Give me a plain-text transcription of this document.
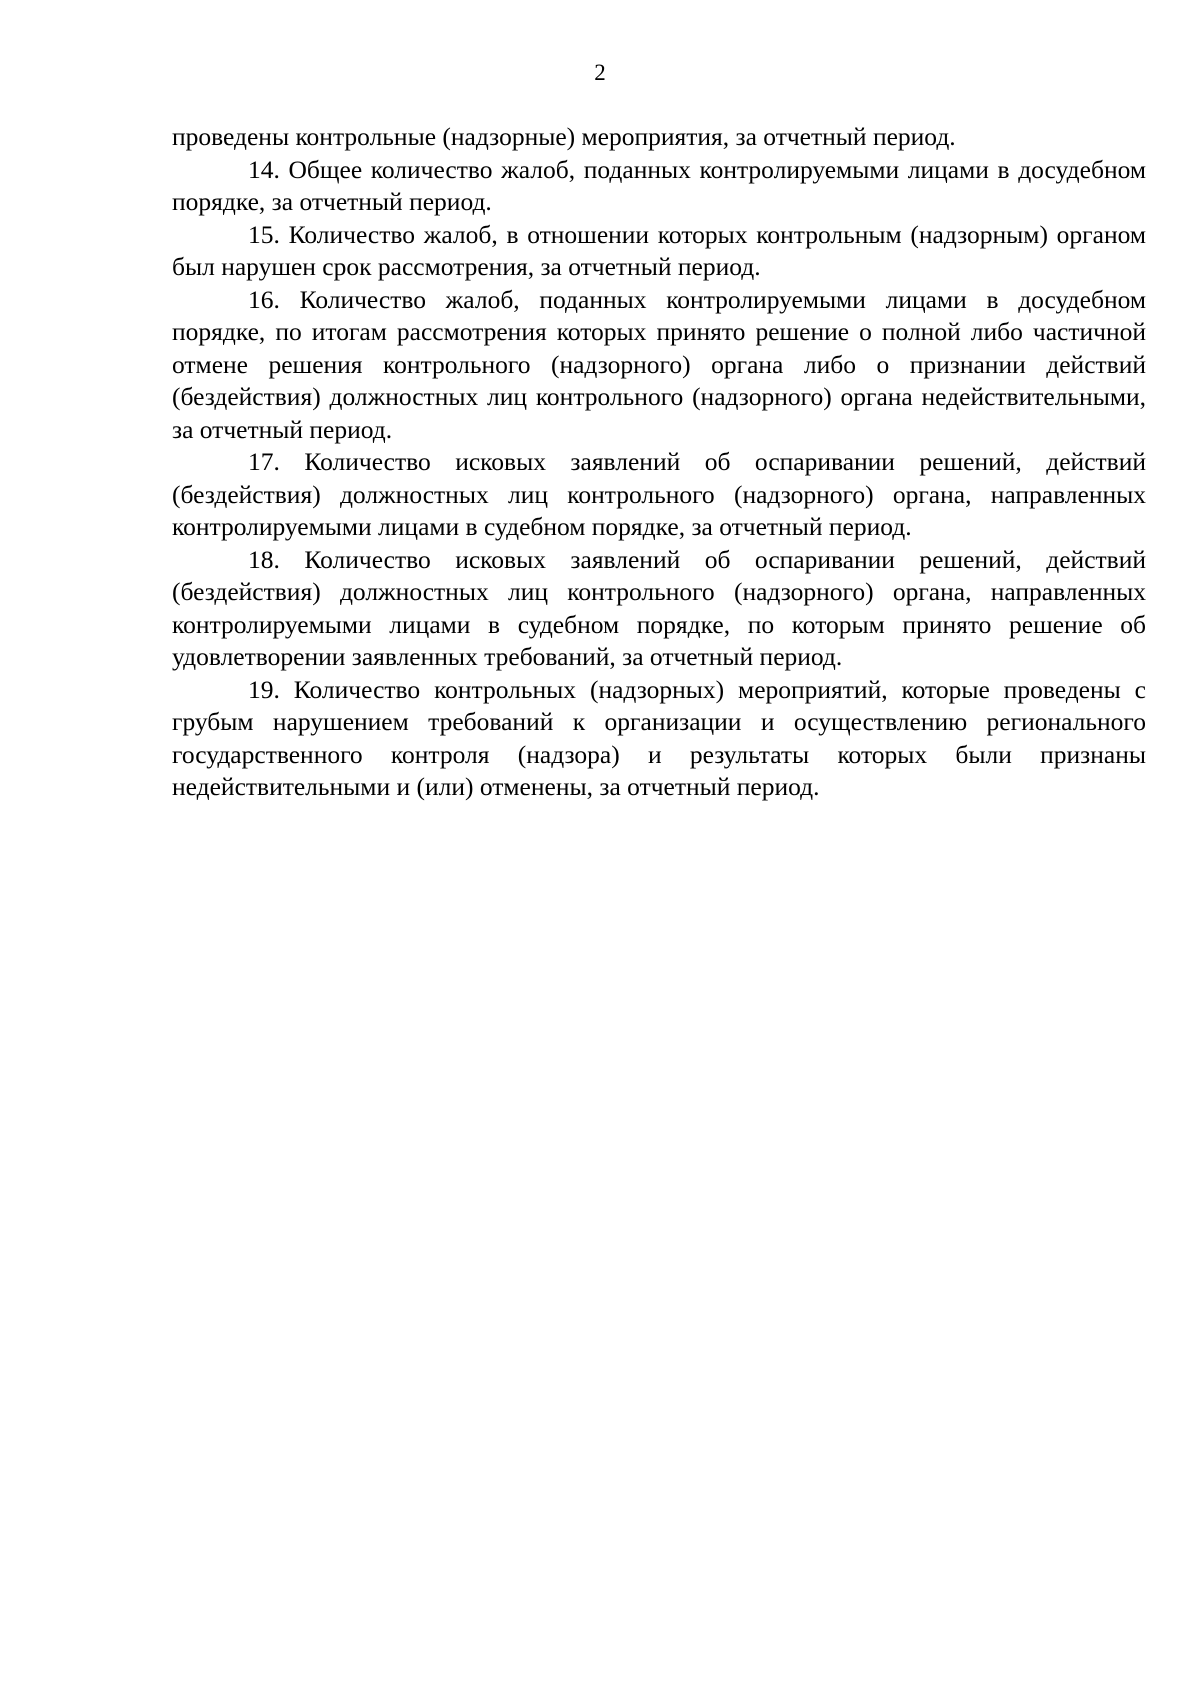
2

проведены контрольные (надзорные) мероприятия, за отчетный период.

14. Общее количество жалоб, поданных контролируемыми лицами в досудебном порядке, за отчетный период.

15. Количество жалоб, в отношении которых контрольным (надзорным) органом был нарушен срок рассмотрения, за отчетный период.

16. Количество жалоб, поданных контролируемыми лицами в досудебном порядке, по итогам рассмотрения которых принято решение о полной либо частичной отмене решения контрольного (надзорного) органа либо о признании действий (бездействия) должностных лиц контрольного (надзорного) органа недействительными, за отчетный период.

17. Количество исковых заявлений об оспаривании решений, действий (бездействия) должностных лиц контрольного (надзорного) органа, направленных контролируемыми лицами в судебном порядке, за отчетный период.

18. Количество исковых заявлений об оспаривании решений, действий (бездействия) должностных лиц контрольного (надзорного) органа, направленных контролируемыми лицами в судебном порядке, по которым принято решение об удовлетворении заявленных требований, за отчетный период.

19. Количество контрольных (надзорных) мероприятий, которые проведены с грубым нарушением требований к организации и осуществлению регионального государственного контроля (надзора) и результаты которых были признаны недействительными и (или) отменены, за отчетный период.
